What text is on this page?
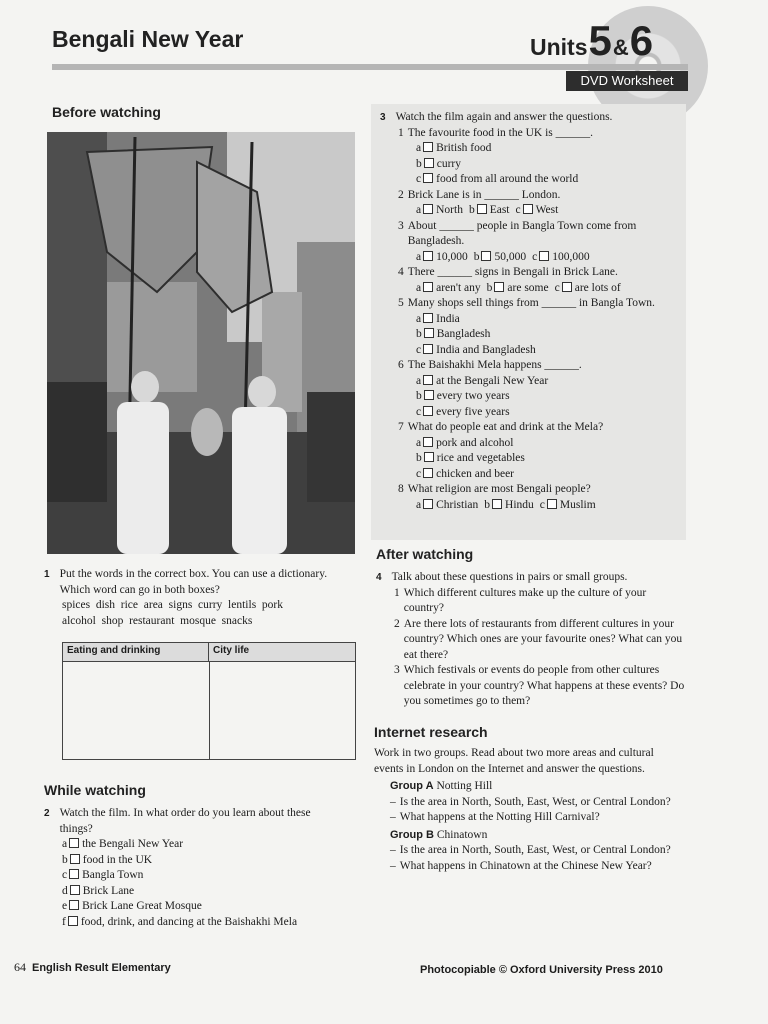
Bengali New Year	Units 5 & 6
DVD Worksheet
Before watching
1 Put the words in the correct box. You can use a dictionary. Which word can go in both boxes?
spices  dish  rice  area  signs  curry  lentils  pork
alcohol  shop  restaurant  mosque  snacks
Eating and drinking	City life
While watching
2 Watch the film. In what order do you learn about these things?
a the Bengali New Year
b food in the UK
c Bangla Town
d Brick Lane
e Brick Lane Great Mosque
f food, drink, and dancing at the Baishakhi Mela
3 Watch the film again and answer the questions.
1 The favourite food in the UK is ______.
a British food
b curry
c food from all around the world
2 Brick Lane is in ______ London.
a North b East c West
3 About ______ people in Bangla Town come from Bangladesh.
a 10,000 b 50,000 c 100,000
4 There ______ signs in Bengali in Brick Lane.
a aren't any b are some c are lots of
5 Many shops sell things from ______ in Bangla Town.
a India
b Bangladesh
c India and Bangladesh
6 The Baishakhi Mela happens ______.
a at the Bengali New Year
b every two years
c every five years
7 What do people eat and drink at the Mela?
a pork and alcohol
b rice and vegetables
c chicken and beer
8 What religion are most Bengali people?
a Christian b Hindu c Muslim
After watching
4 Talk about these questions in pairs or small groups.
1 Which different cultures make up the culture of your country?
2 Are there lots of restaurants from different cultures in your country? Which ones are your favourite ones? What can you eat there?
3 Which festivals or events do people from other cultures celebrate in your country? What happens at these events? Do you sometimes go to them?
Internet research
Work in two groups. Read about two more areas and cultural events in London on the Internet and answer the questions.
Group A Notting Hill
– Is the area in North, South, East, West, or Central London?
– What happens at the Notting Hill Carnival?
Group B Chinatown
– Is the area in North, South, East, West, or Central London?
– What happens in Chinatown at the Chinese New Year?
64 English Result Elementary	Photocopiable © Oxford University Press 2010
